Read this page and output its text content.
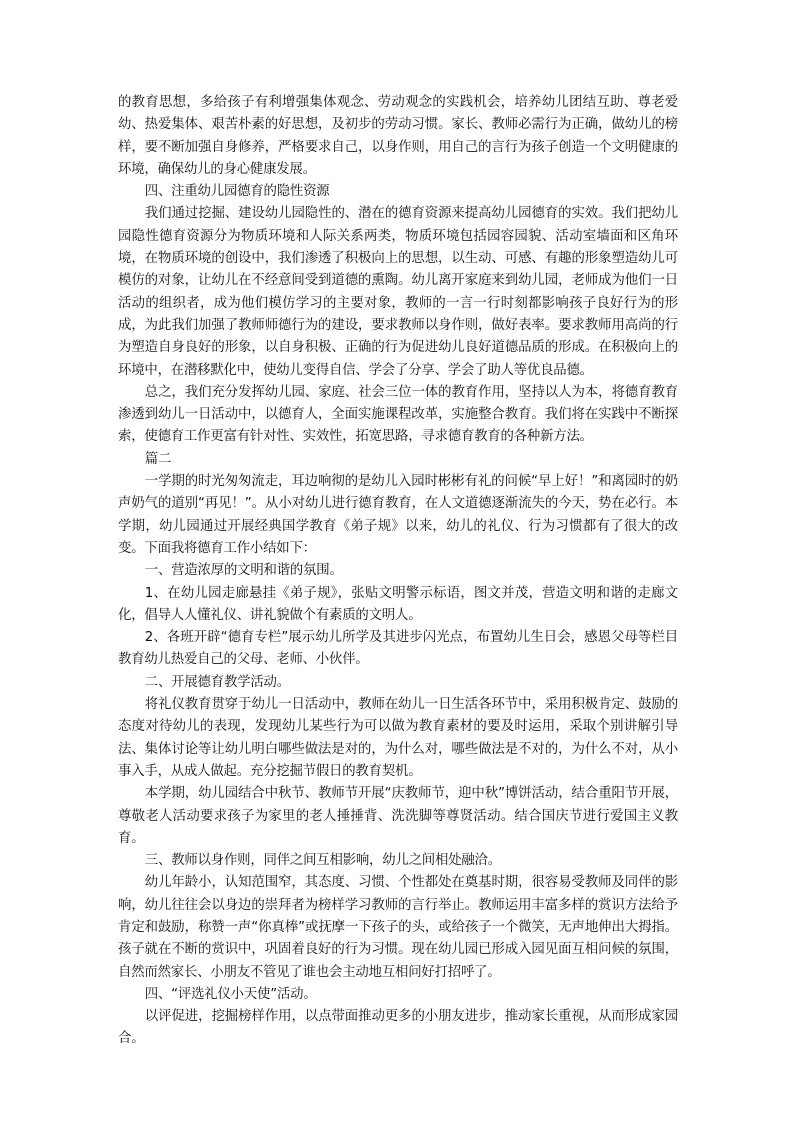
的教育思想，多给孩子有利增强集体观念、劳动观念的实践机会，培养幼儿团结互助、尊老爱幼、热爱集体、艰苦朴素的好思想，及初步的劳动习惯。家长、教师必需行为正确，做幼儿的榜样，要不断加强自身修养，严格要求自己，以身作则，用自己的言行为孩子创造一个文明健康的环境，确保幼儿的身心健康发展。

四、注重幼儿园德育的隐性资源

我们通过挖掘、建设幼儿园隐性的、潜在的德育资源来提高幼儿园德育的实效。我们把幼儿园隐性德育资源分为物质环境和人际关系两类，物质环境包括园容园貌、活动室墙面和区角环境，在物质环境的创设中，我们渗透了积极向上的思想，以生动、可感、有趣的形象塑造幼儿可模仿的对象，让幼儿在不经意间受到道德的熏陶。幼儿离开家庭来到幼儿园，老师成为他们一日活动的组织者，成为他们模仿学习的主要对象，教师的一言一行时刻都影响孩子良好行为的形成，为此我们加强了教师师德行为的建设，要求教师以身作则，做好表率。要求教师用高尚的行为塑造自身良好的形象，以自身积极、正确的行为促进幼儿良好道德品质的形成。在积极向上的环境中，在潜移默化中，使幼儿变得自信、学会了分享、学会了助人等优良品德。

总之，我们充分发挥幼儿园、家庭、社会三位一体的教育作用，坚持以人为本，将德育教育渗透到幼儿一日活动中，以德育人，全面实施课程改革，实施整合教育。我们将在实践中不断探索，使德育工作更富有针对性、实效性，拓宽思路，寻求德育教育的各种新方法。

篇二

一学期的时光匆匆流走，耳边响彻的是幼儿入园时彬彬有礼的问候“早上好！”和离园时的奶声奶气的道别“再见！”。从小对幼儿进行德育教育，在人文道德逐渐流失的今天，势在必行。本学期，幼儿园通过开展经典国学教育《弟子规》以来，幼儿的礼仪、行为习惯都有了很大的改变。下面我将德育工作小结如下：

一、营造浓厚的文明和谐的氛围。

1、在幼儿园走廊悬挂《弟子规》，张贴文明警示标语，图文并茂，营造文明和谐的走廊文化，倡导人人懂礼仪、讲礼貌做个有素质的文明人。

2、各班开辟“德育专栏”展示幼儿所学及其进步闪光点，布置幼儿生日会，感恩父母等栏目教育幼儿热爱自己的父母、老师、小伙伴。

二、开展德育教学活动。

将礼仪教育贯穿于幼儿一日活动中，教师在幼儿一日生活各环节中，采用积极肯定、鼓励的态度对待幼儿的表现，发现幼儿某些行为可以做为教育素材的要及时运用，采取个别讲解引导法、集体讨论等让幼儿明白哪些做法是对的，为什么对，哪些做法是不对的，为什么不对，从小事入手，从成人做起。充分挖掘节假日的教育契机。

本学期，幼儿园结合中秋节、教师节开展“庆教师节，迎中秋”博饼活动，结合重阳节开展，尊敬老人活动要求孩子为家里的老人捶捶背、洗洗脚等尊贤活动。结合国庆节进行爱国主义教育。

三、教师以身作则，同伴之间互相影响，幼儿之间相处融洽。

幼儿年龄小，认知范围窄，其态度、习惯、个性都处在奠基时期，很容易受教师及同伴的影响，幼儿往往会以身边的崇拜者为榜样学习教师的言行举止。教师运用丰富多样的赏识方法给予肯定和鼓励，称赞一声“你真棒”或抚摩一下孩子的头，或给孩子一个微笑，无声地伸出大拇指。孩子就在不断的赏识中，巩固着良好的行为习惯。现在幼儿园已形成入园见面互相问候的氛围，自然而然家长、小朋友不管见了谁也会主动地互相问好打招呼了。

四、“评选礼仪小天使”活动。

以评促进，挖掘榜样作用，以点带面推动更多的小朋友进步，推动家长重视，从而形成家园合。
